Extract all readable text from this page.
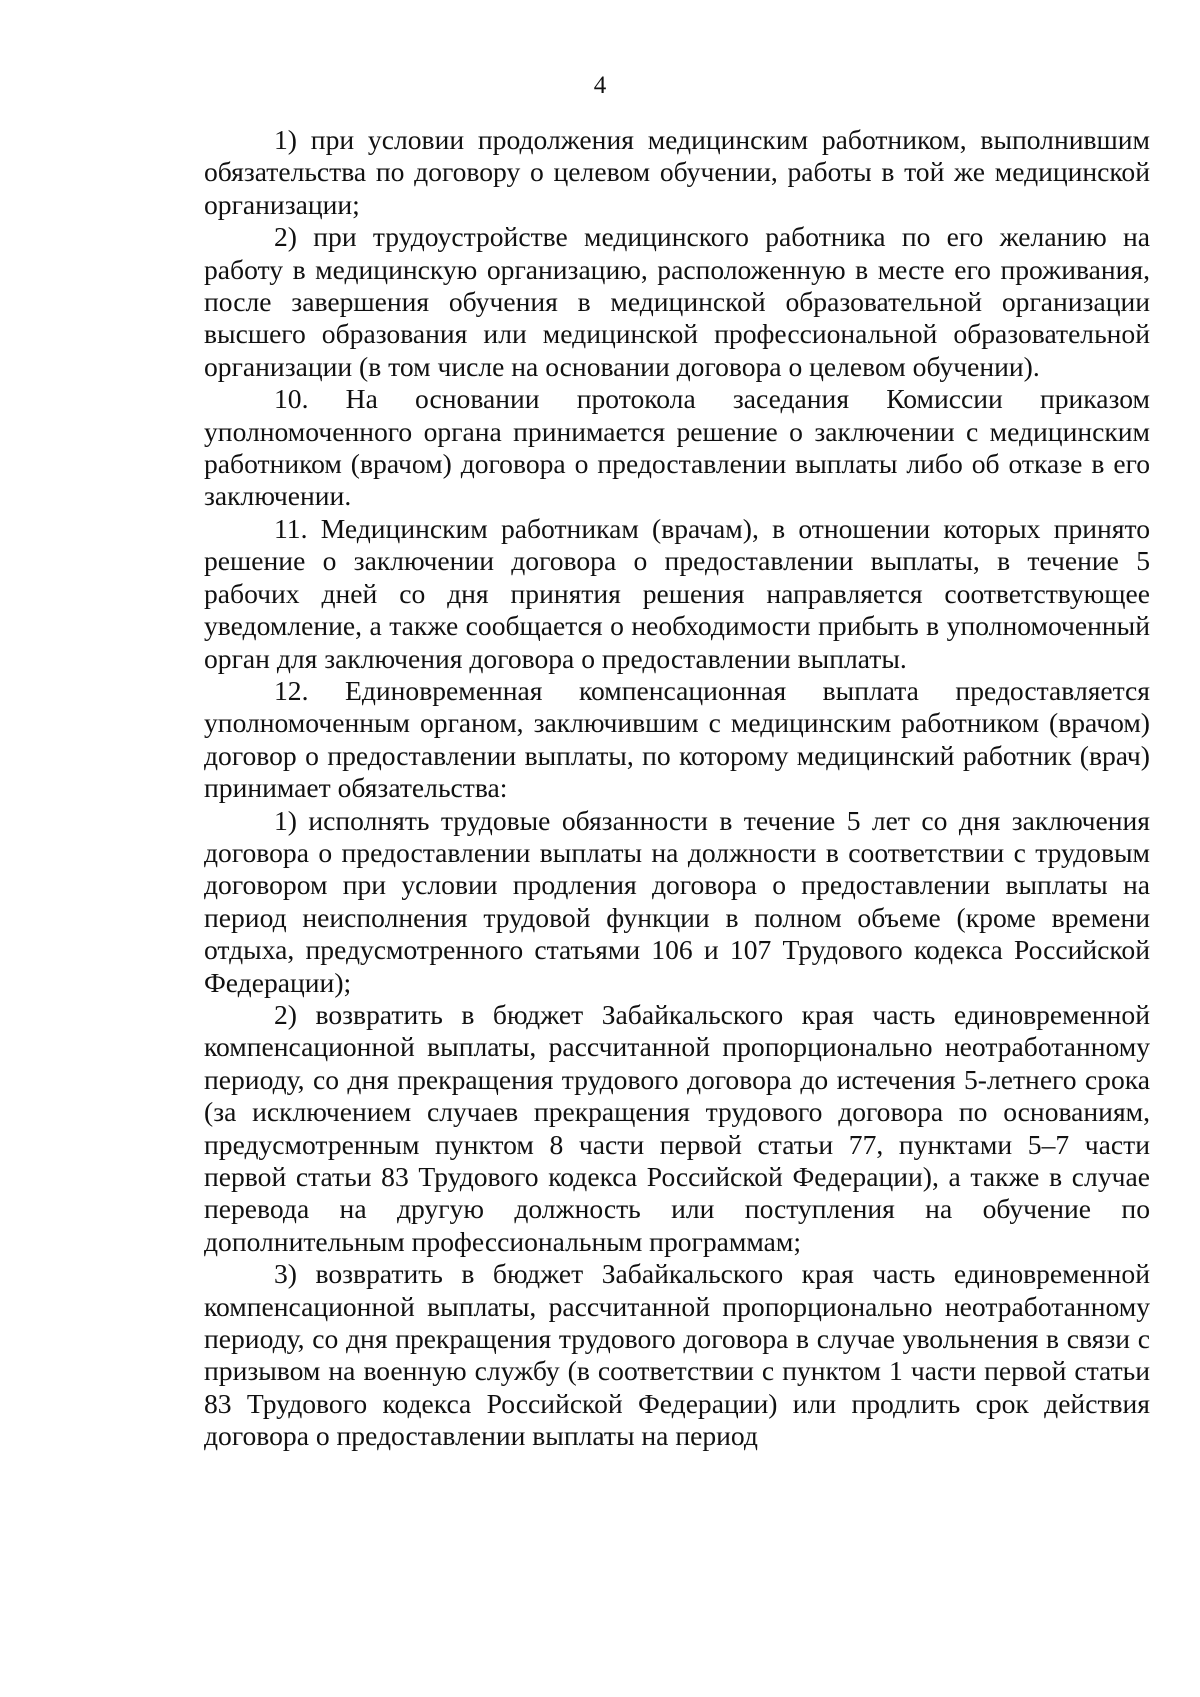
4

1) при условии продолжения медицинским работником, выполнившим обязательства по договору о целевом обучении, работы в той же медицинской организации;

2) при трудоустройстве медицинского работника по его желанию на работу в медицинскую организацию, расположенную в месте его проживания, после завершения обучения в медицинской образовательной организации высшего образования или медицинской профессиональной образовательной организации (в том числе на основании договора о целевом обучении).

10. На основании протокола заседания Комиссии приказом уполномоченного органа принимается решение о заключении с медицинским работником (врачом) договора о предоставлении выплаты либо об отказе в его заключении.

11. Медицинским работникам (врачам), в отношении которых принято решение о заключении договора о предоставлении выплаты, в течение 5 рабочих дней со дня принятия решения направляется соответствующее уведомление, а также сообщается о необходимости прибыть в уполномоченный орган для заключения договора о предоставлении выплаты.

12. Единовременная компенсационная выплата предоставляется уполномоченным органом, заключившим с медицинским работником (врачом) договор о предоставлении выплаты, по которому медицинский работник (врач) принимает обязательства:

1) исполнять трудовые обязанности в течение 5 лет со дня заключения договора о предоставлении выплаты на должности в соответствии с трудовым договором при условии продления договора о предоставлении выплаты на период неисполнения трудовой функции в полном объеме (кроме времени отдыха, предусмотренного статьями 106 и 107 Трудового кодекса Российской Федерации);

2) возвратить в бюджет Забайкальского края часть единовременной компенсационной выплаты, рассчитанной пропорционально неотработанному периоду, со дня прекращения трудового договора до истечения 5-летнего срока (за исключением случаев прекращения трудового договора по основаниям, предусмотренным пунктом 8 части первой статьи 77, пунктами 5–7 части первой статьи 83 Трудового кодекса Российской Федерации), а также в случае перевода на другую должность или поступления на обучение по дополнительным профессиональным программам;

3) возвратить в бюджет Забайкальского края часть единовременной компенсационной выплаты, рассчитанной пропорционально неотработанному периоду, со дня прекращения трудового договора в случае увольнения в связи с призывом на военную службу (в соответствии с пунктом 1 части первой статьи 83 Трудового кодекса Российской Федерации) или продлить срок действия договора о предоставлении выплаты на период
